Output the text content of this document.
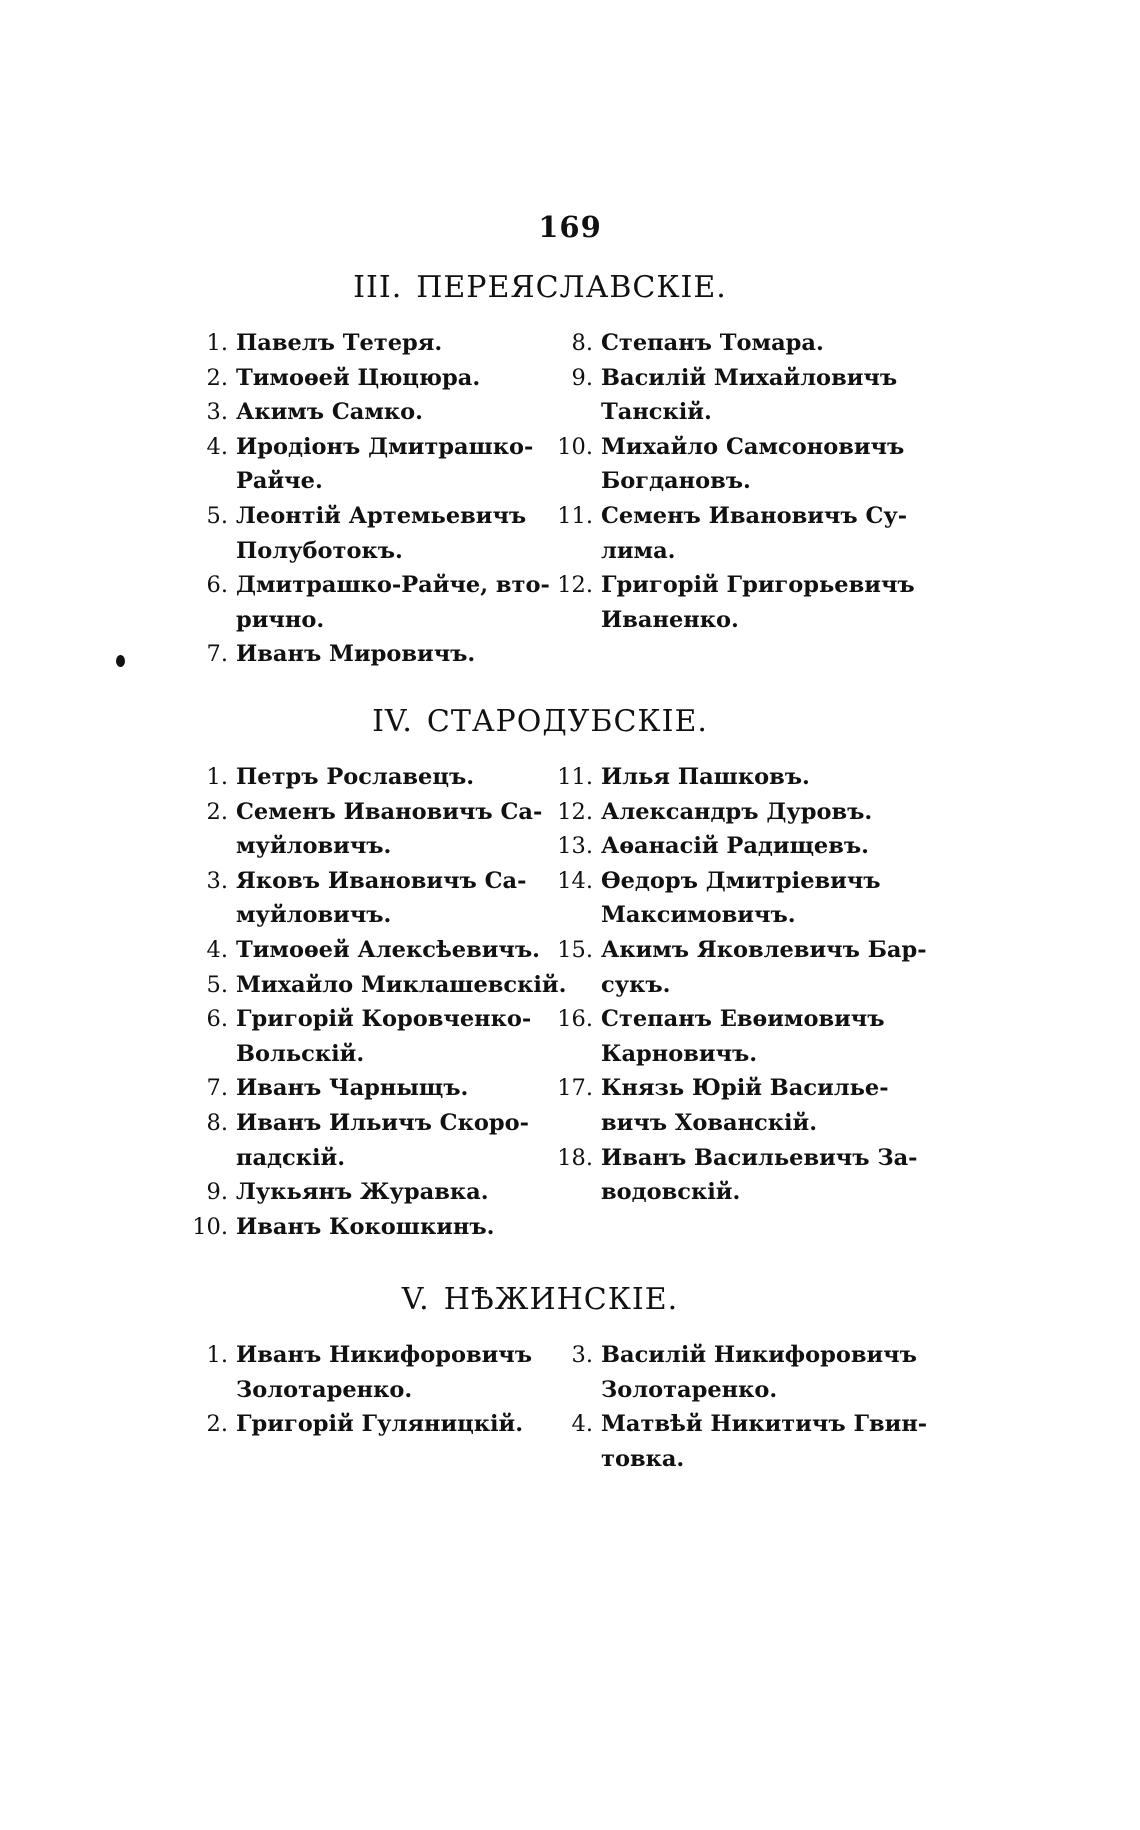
169
III. ПЕРЕЯСЛАВСКІЕ.
1. Павелъ Тетеря.
2. Тимоѳей Цюцюра.
3. Акимъ Самко.
4. Иродіонъ Дмитрашко-
Райче.
5. Леонтій Артемьевичъ
Полуботокъ.
6. Дмитрашко-Райче, вто-
рично.
7. Иванъ Мировичъ.
8. Степанъ Томара.
9. Василій Михайловичъ
Танскій.
10. Михайло Самсоновичъ
Богдановъ.
11. Семенъ Ивановичъ Су-
лима.
12. Григорій Григорьевичъ
Иваненко.
IV. СТАРОДУБСКІЕ.
1. Петръ Рославецъ.
2. Семенъ Ивановичъ Са-
муйловичъ.
3. Яковъ Ивановичъ Са-
муйловичъ.
4. Тимоѳей Алексѣевичъ.
5. Михайло Миклашевскій.
6. Григорій Коровченко-
Вольскій.
7. Иванъ Чарныщъ.
8. Иванъ Ильичъ Скоро-
падскій.
9. Лукьянъ Журавка.
10. Иванъ Кокошкинъ.
11. Илья Пашковъ.
12. Александръ Дуровъ.
13. Аѳанасій Радищевъ.
14. Ѳедоръ Дмитріевичъ
Максимовичъ.
15. Акимъ Яковлевичъ Бар-
сукъ.
16. Степанъ Евѳимовичъ
Карновичъ.
17. Князь Юрій Василье-
вичъ Хованскій.
18. Иванъ Васильевичъ За-
водовскій.
V. НѢЖИНСКІЕ.
1. Иванъ Никифоровичъ
Золотаренко.
2. Григорій Гуляницкій.
3. Василій Никифоровичъ
Золотаренко.
4. Матвѣй Никитичъ Гвин-
товка.
